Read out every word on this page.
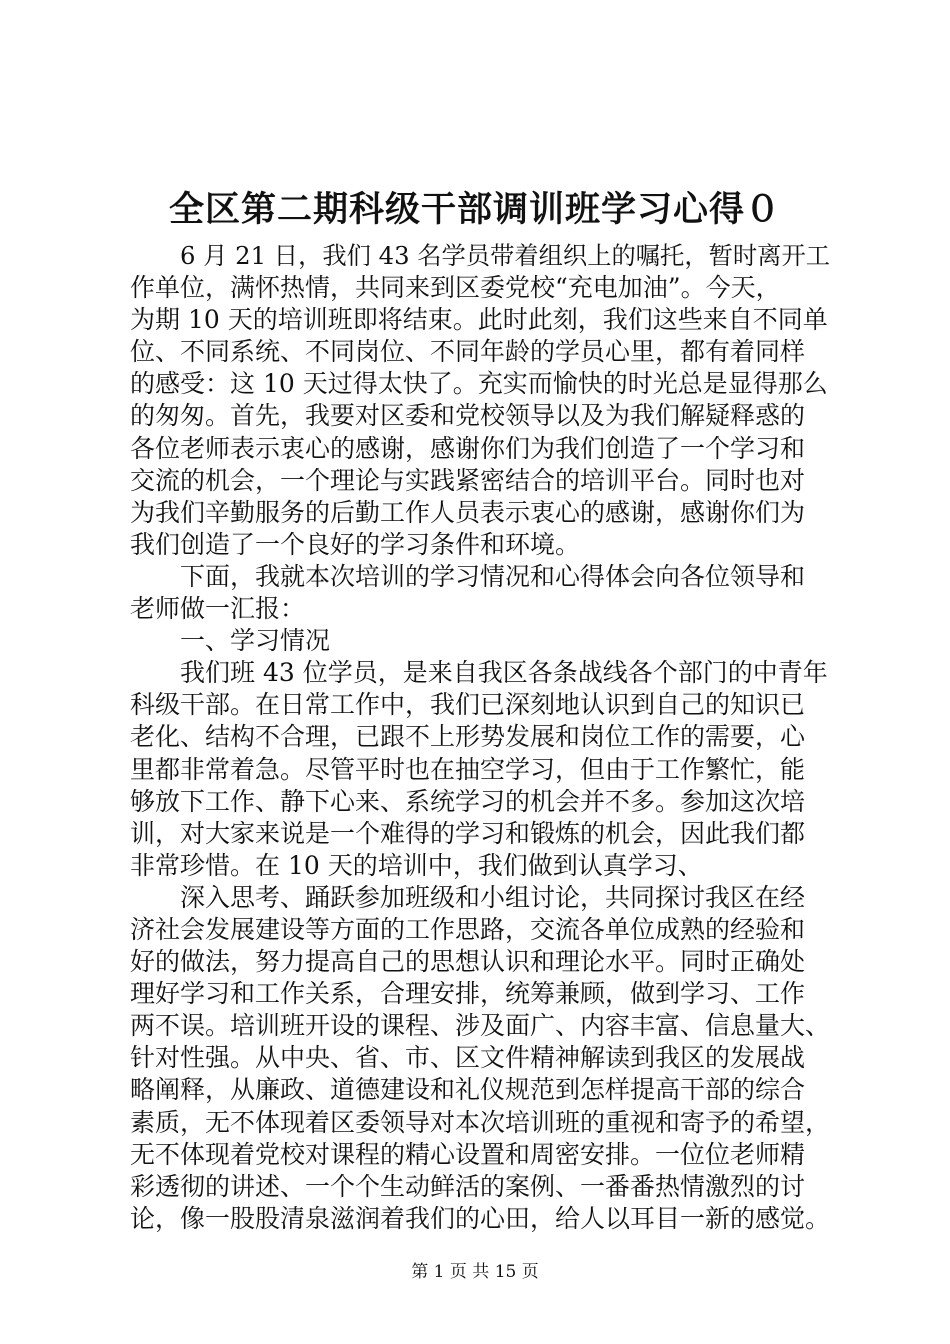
全区第二期科级干部调训班学习心得０
6 月 21 日，我们 43 名学员带着组织上的嘱托，暂时离开工
作单位，满怀热情，共同来到区委党校“充电加油”。今天，
为期 10 天的培训班即将结束。此时此刻，我们这些来自不同单
位、不同系统、不同岗位、不同年龄的学员心里，都有着同样
的感受：这 10 天过得太快了。充实而愉快的时光总是显得那么
的匆匆。首先，我要对区委和党校领导以及为我们解疑释惑的
各位老师表示衷心的感谢，感谢你们为我们创造了一个学习和
交流的机会，一个理论与实践紧密结合的培训平台。同时也对
为我们辛勤服务的后勤工作人员表示衷心的感谢，感谢你们为
我们创造了一个良好的学习条件和环境。
下面，我就本次培训的学习情况和心得体会向各位领导和
老师做一汇报：
一、学习情况
我们班 43 位学员，是来自我区各条战线各个部门的中青年
科级干部。在日常工作中，我们已深刻地认识到自己的知识已
老化、结构不合理，已跟不上形势发展和岗位工作的需要，心
里都非常着急。尽管平时也在抽空学习，但由于工作繁忙，能
够放下工作、静下心来、系统学习的机会并不多。参加这次培
训，对大家来说是一个难得的学习和锻炼的机会，因此我们都
非常珍惜。在 10 天的培训中，我们做到认真学习、
深入思考、踊跃参加班级和小组讨论，共同探讨我区在经
济社会发展建设等方面的工作思路，交流各单位成熟的经验和
好的做法，努力提高自己的思想认识和理论水平。同时正确处
理好学习和工作关系，合理安排，统筹兼顾，做到学习、工作
两不误。培训班开设的课程、涉及面广、内容丰富、信息量大、
针对性强。从中央、省、市、区文件精神解读到我区的发展战
略阐释，从廉政、道德建设和礼仪规范到怎样提高干部的综合
素质，无不体现着区委领导对本次培训班的重视和寄予的希望，
无不体现着党校对课程的精心设置和周密安排。一位位老师精
彩透彻的讲述、一个个生动鲜活的案例、一番番热情激烈的讨
论，像一股股清泉滋润着我们的心田，给人以耳目一新的感觉。
第 1 页 共 15 页
